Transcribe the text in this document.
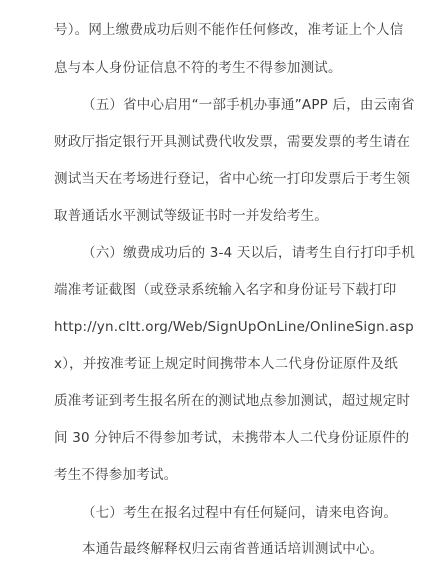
号）。网上缴费成功后则不能作任何修改，准考证上个人信
息与本人身份证信息不符的考生不得参加测试。
（五）省中心启用“一部手机办事通”APP 后，由云南省
财政厅指定银行开具测试费代收发票，需要发票的考生请在
测试当天在考场进行登记，省中心统一打印发票后于考生领
取普通话水平测试等级证书时一并发给考生。
（六）缴费成功后的 3-4 天以后，请考生自行打印手机
端准考证截图（或登录系统输入名字和身份证号下载打印
http://yn.cltt.org/Web/SignUpOnLine/OnlineSign.asp
x），并按准考证上规定时间携带本人二代身份证原件及纸
质准考证到考生报名所在的测试地点参加测试，超过规定时
间 30 分钟后不得参加考试，未携带本人二代身份证原件的
考生不得参加考试。
（七）考生在报名过程中有任何疑问，请来电咨询。
本通告最终解释权归云南省普通话培训测试中心。
